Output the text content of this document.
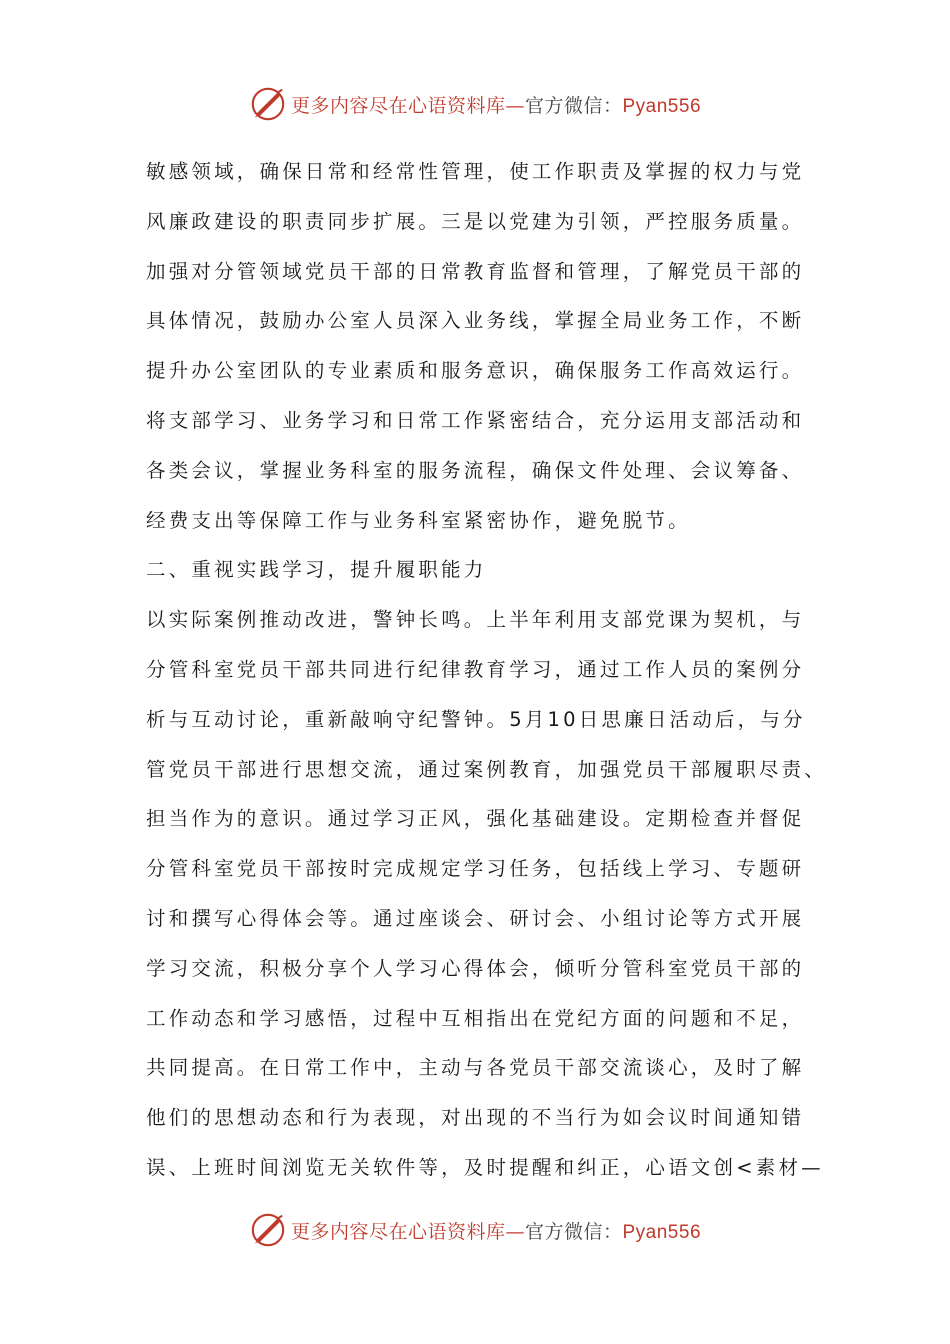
更多内容尽在心语资料库—官方微信：Pyan556
敏感领域，确保日常和经常性管理，使工作职责及掌握的权力与党
风廉政建设的职责同步扩展。三是以党建为引领，严控服务质量。
加强对分管领域党员干部的日常教育监督和管理，了解党员干部的
具体情况，鼓励办公室人员深入业务线，掌握全局业务工作，不断
提升办公室团队的专业素质和服务意识，确保服务工作高效运行。
将支部学习、业务学习和日常工作紧密结合，充分运用支部活动和
各类会议，掌握业务科室的服务流程，确保文件处理、会议筹备、
经费支出等保障工作与业务科室紧密协作，避免脱节。
二、重视实践学习，提升履职能力
以实际案例推动改进，警钟长鸣。上半年利用支部党课为契机，与
分管科室党员干部共同进行纪律教育学习，通过工作人员的案例分
析与互动讨论，重新敲响守纪警钟。5月10日思廉日活动后，与分
管党员干部进行思想交流，通过案例教育，加强党员干部履职尽责、
担当作为的意识。通过学习正风，强化基础建设。定期检查并督促
分管科室党员干部按时完成规定学习任务，包括线上学习、专题研
讨和撰写心得体会等。通过座谈会、研讨会、小组讨论等方式开展
学习交流，积极分享个人学习心得体会，倾听分管科室党员干部的
工作动态和学习感悟，过程中互相指出在党纪方面的问题和不足，
共同提高。在日常工作中，主动与各党员干部交流谈心，及时了解
他们的思想动态和行为表现，对出现的不当行为如会议时间通知错
误、上班时间浏览无关软件等，及时提醒和纠正，心语文创<素材—
更多内容尽在心语资料库—官方微信：Pyan556
